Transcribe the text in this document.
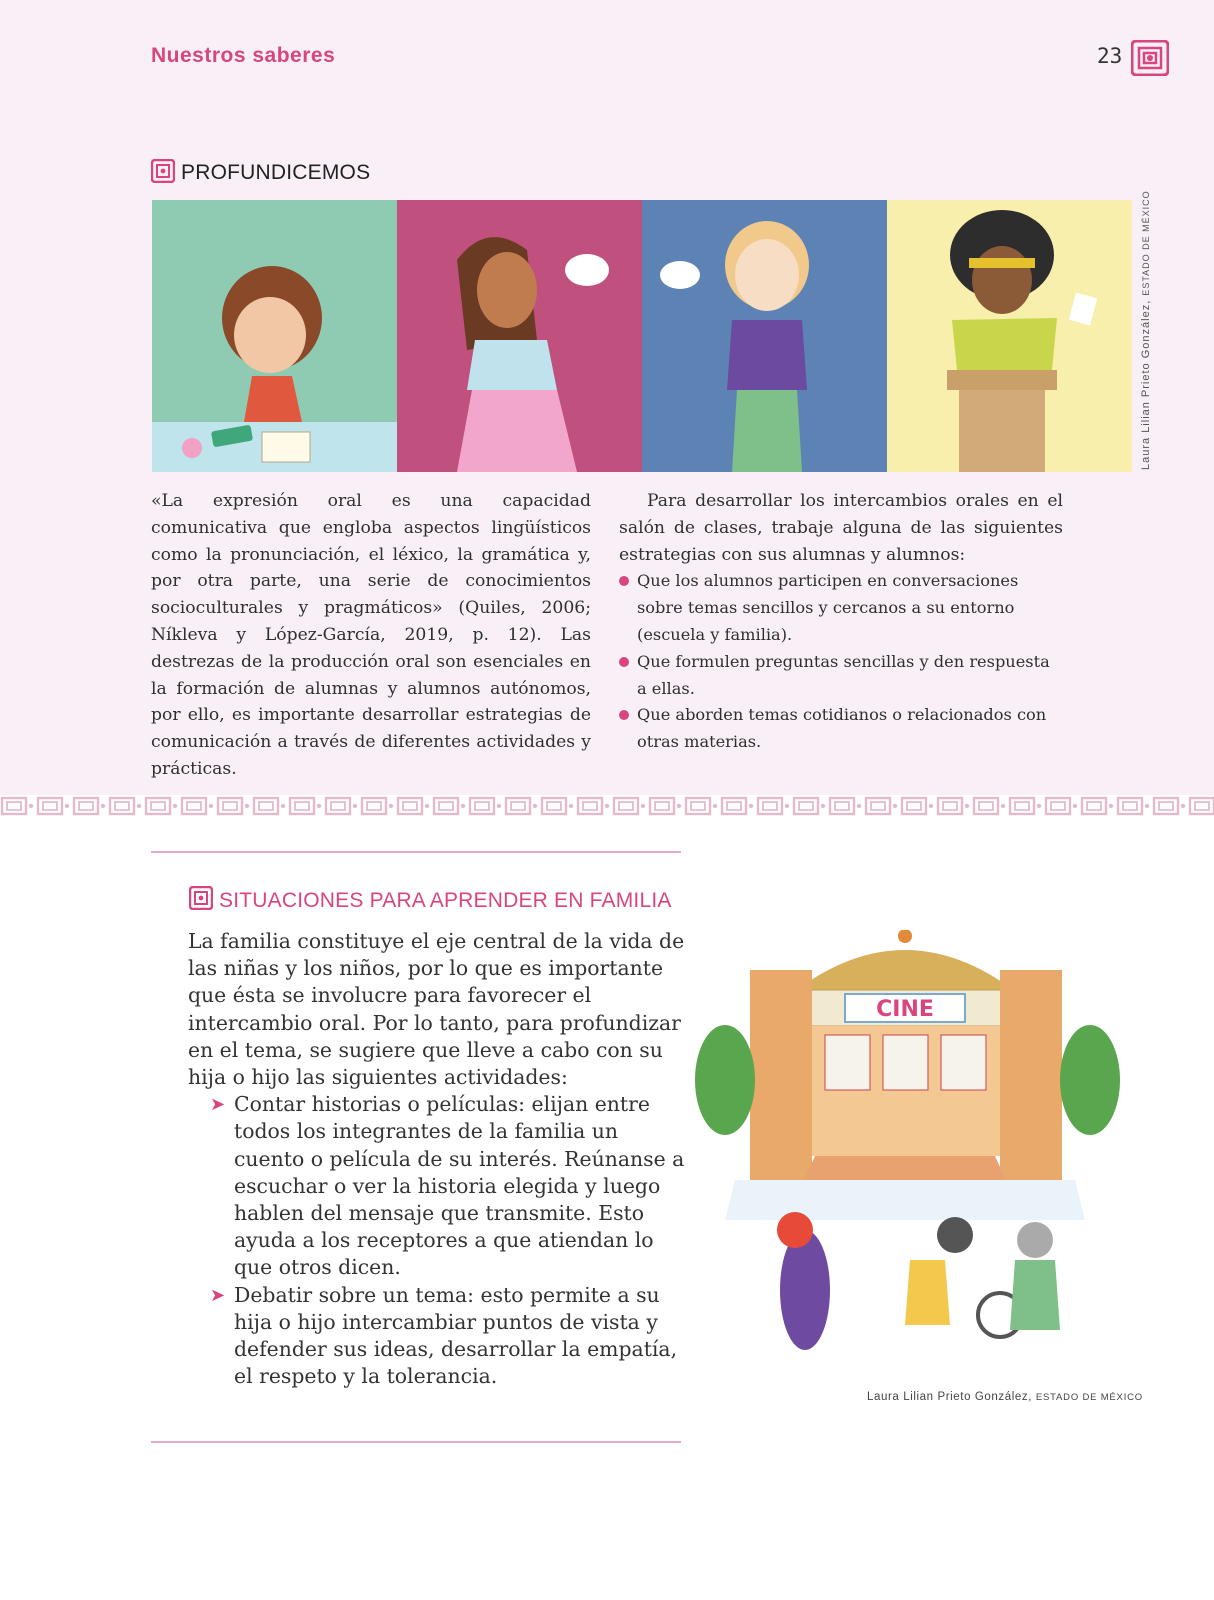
Nuestros saberes	23
PROFUNDICEMOS
Laura Lilian Prieto González, ESTADO DE MÉXICO

«La expresión oral es una capacidad comunicativa que engloba aspectos lingüísticos como la pronunciación, el léxico, la gramática y, por otra parte, una serie de conocimientos socioculturales y pragmáticos» (Quiles, 2006; Níkleva y López-García, 2019, p. 12). Las destrezas de la producción oral son esenciales en la formación de alumnas y alumnos autónomos, por ello, es importante desarrollar estrategias de comunicación a través de diferentes actividades y prácticas.

Para desarrollar los intercambios orales en el salón de clases, trabaje alguna de las siguientes estrategias con sus alumnas y alumnos:

Que los alumnos participen en conversaciones sobre temas sencillos y cercanos a su entorno (escuela y familia).
Que formulen preguntas sencillas y den respuesta a ellas.
Que aborden temas cotidianos o relacionados con otras materias.
SITUACIONES PARA APRENDER EN FAMILIA

La familia constituye el eje central de la vida de las niñas y los niños, por lo que es importante que ésta se involucre para favorecer el intercambio oral. Por lo tanto, para profundizar en el tema, se sugiere que lleve a cabo con su hija o hijo las siguientes actividades:

➤ Contar historias o películas: elijan entre todos los integrantes de la familia un cuento o película de su interés. Reúnanse a escuchar o ver la historia elegida y luego hablen del mensaje que transmite. Esto ayuda a los receptores a que atiendan lo que otros dicen.
➤ Debatir sobre un tema: esto permite a su hija o hijo intercambiar puntos de vista y defender sus ideas, desarrollar la empatía, el respeto y la tolerancia.
CINE
Laura Lilian Prieto González, ESTADO DE MÉXICO
